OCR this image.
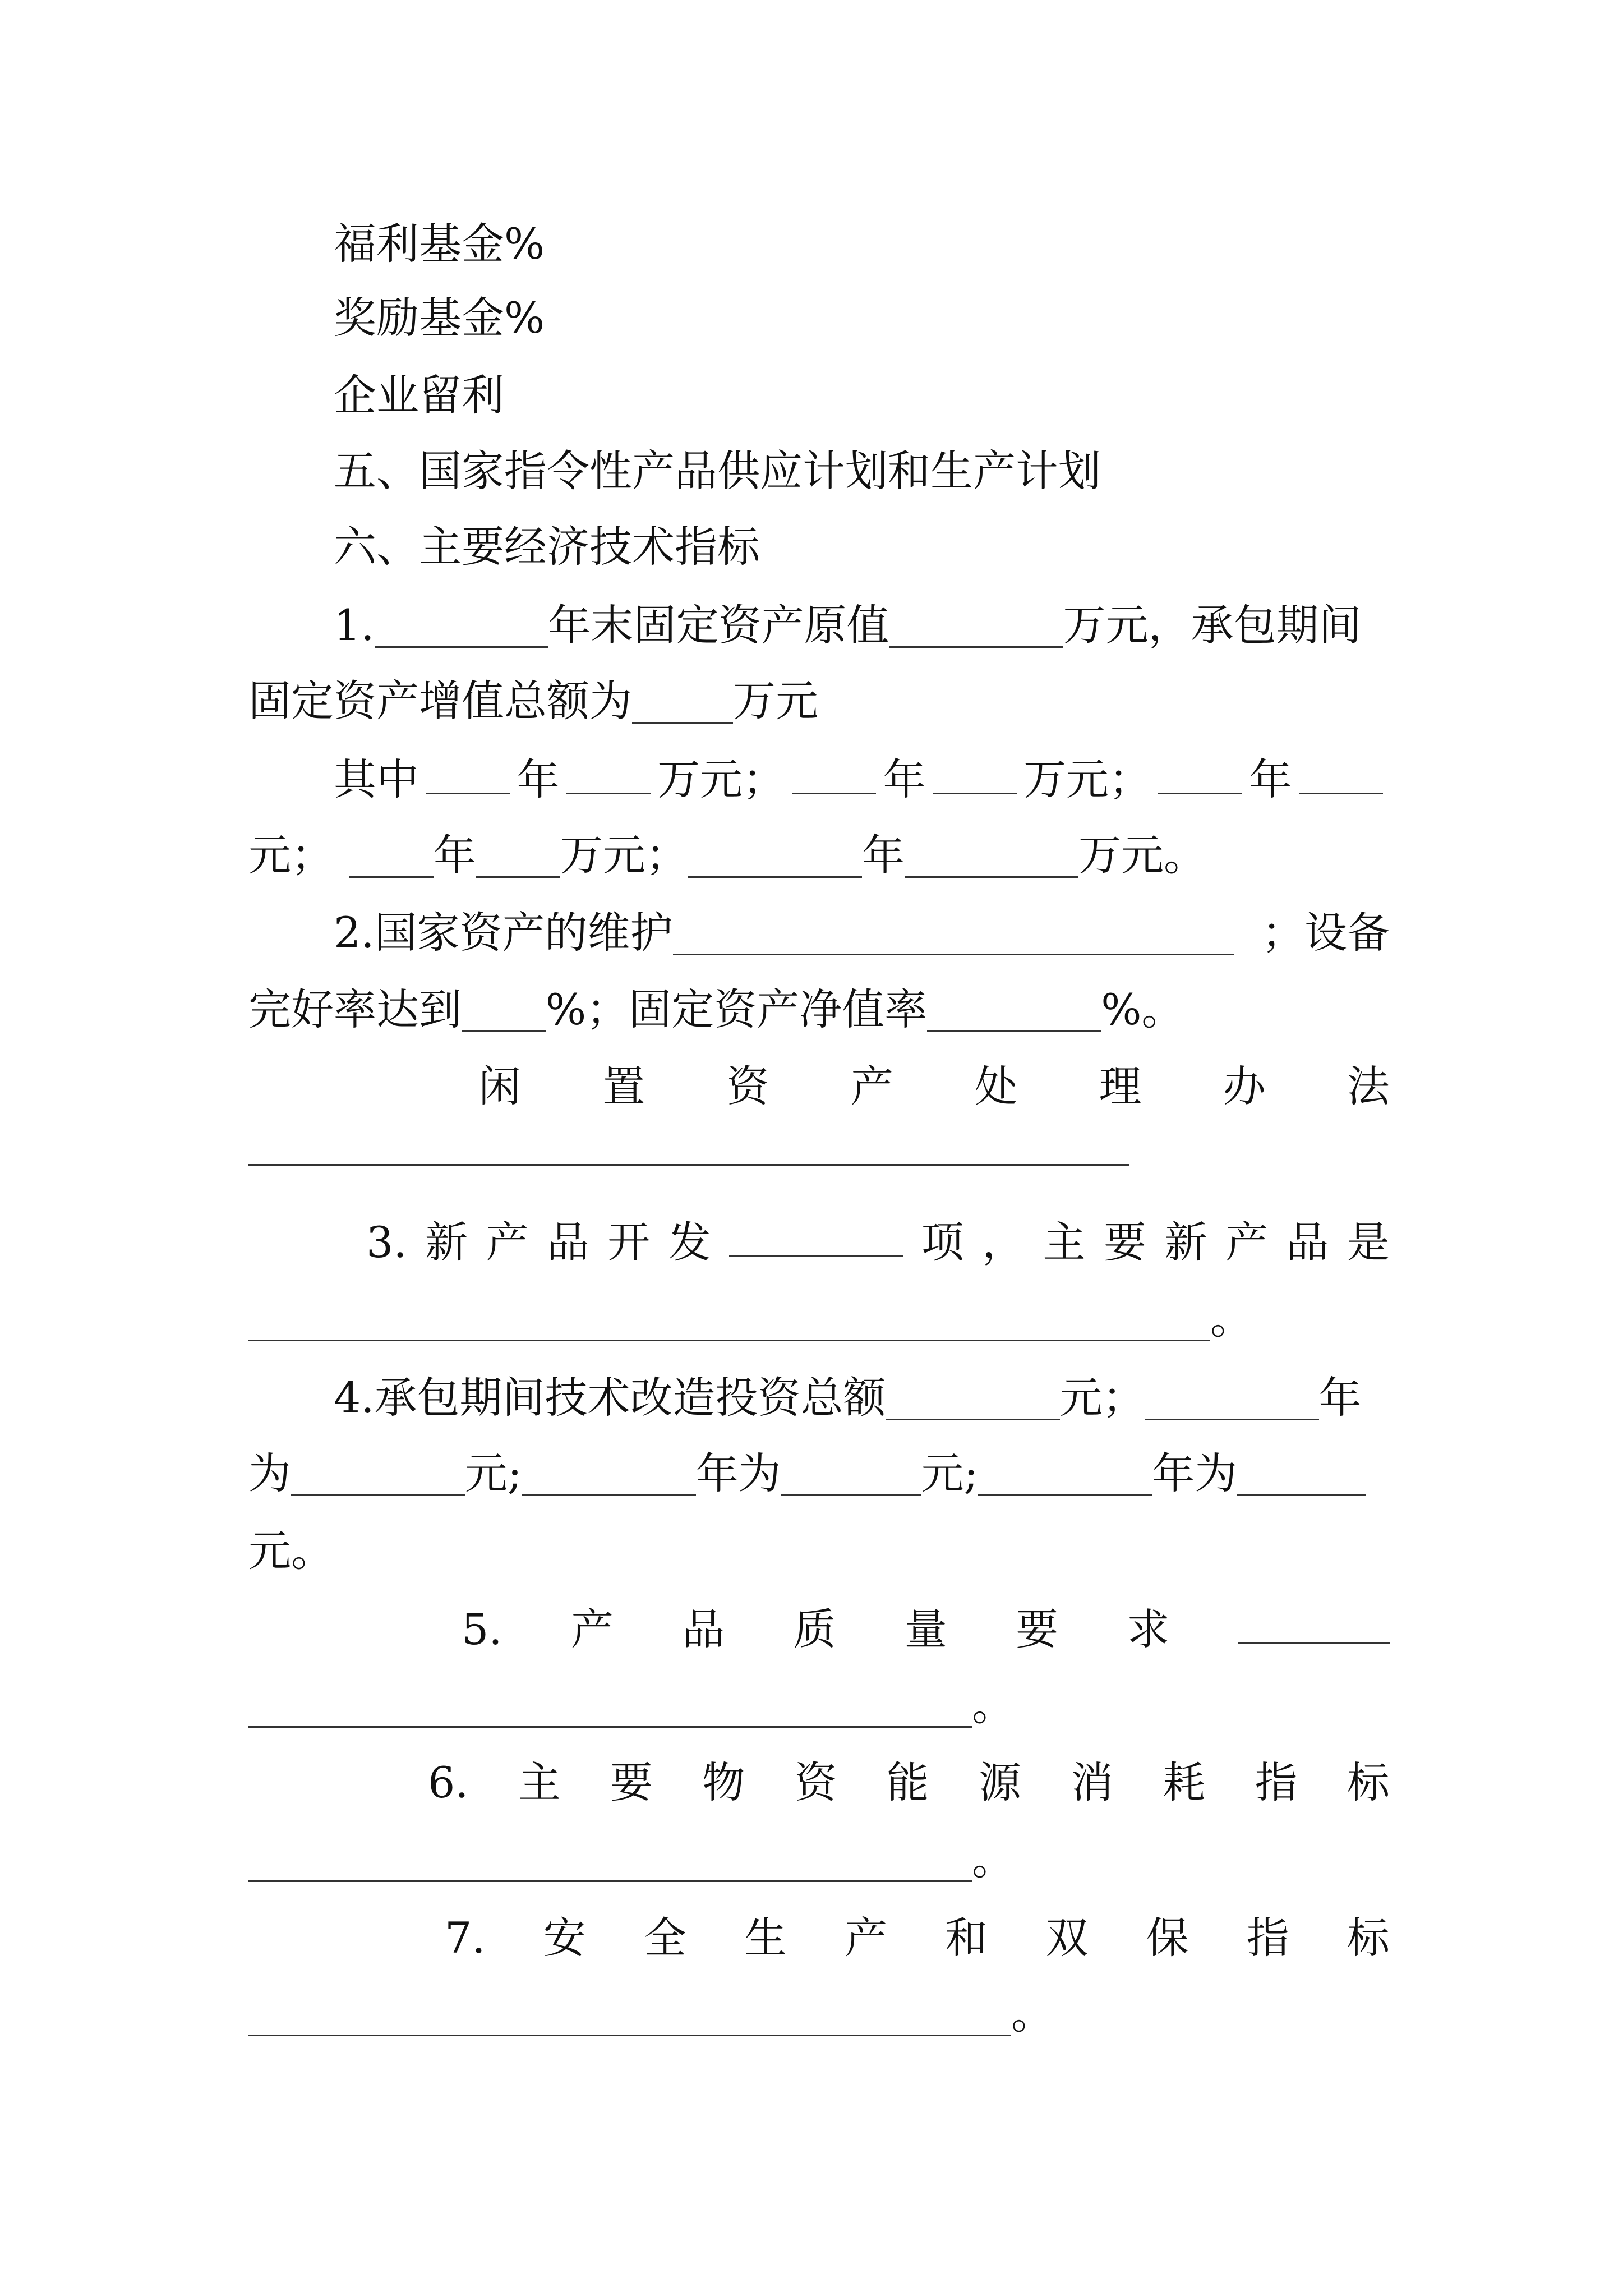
福利基金%
奖励基金%
企业留利
五、国家指令性产品供应计划和生产计划
六、主要经济技术指标
1.	年末固定资产原值	万元，承包期间
固定资产增值总额为 万元
其中 年 万元； 年 万元； 年
元； 年 万元；	年	万元。
2.国家资产的维护	；设备
完好率达到 %；固定资产净值率	%。
闲 置 资 产 处 理 办 法
3. 新 产 品 开 发	项 ， 主 要 新 产 品 是
。
4.承包期间技术改造投资总额	元；	年
为	元;	年为	元;	年为
元。
5. 产 品 质 量 要 求
。
6. 主 要 物 资 能 源 消 耗 指 标
。
7. 安 全 生 产 和 双 保 指 标
。
